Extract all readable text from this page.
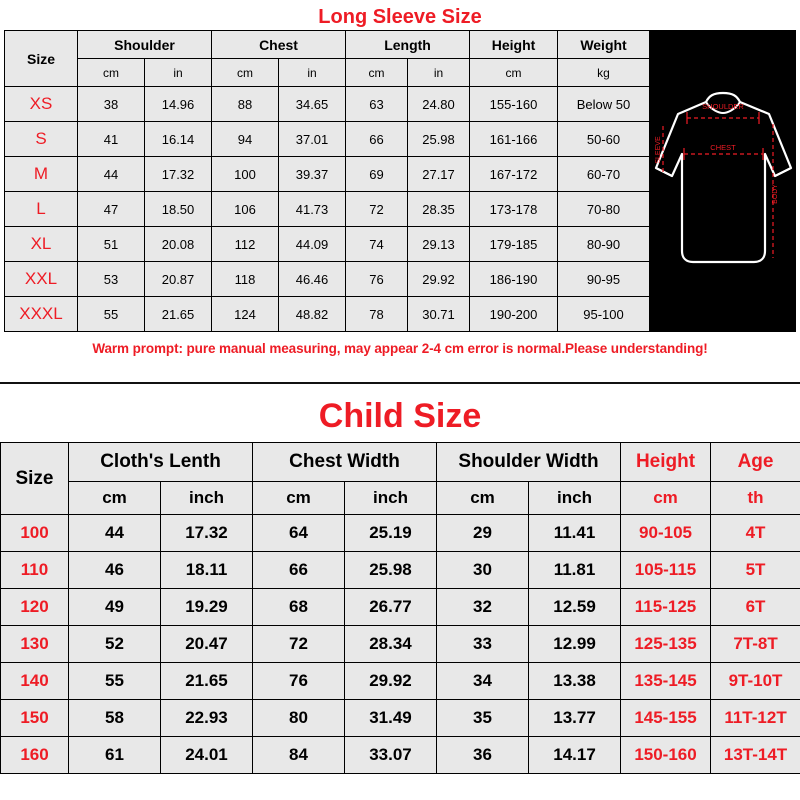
Long Sleeve Size
Size	Shoulder		Chest		Length		Height	Weight
	cm	in	cm	in	cm	in	cm	kg
XS	38	14.96	88	34.65	63	24.80	155-160	Below 50
S	41	16.14	94	37.01	66	25.98	161-166	50-60
M	44	17.32	100	39.37	69	27.17	167-172	60-70
L	47	18.50	106	41.73	72	28.35	173-178	70-80
XL	51	20.08	112	44.09	74	29.13	179-185	80-90
XXL	53	20.87	118	46.46	76	29.92	186-190	90-95
XXXL	55	21.65	124	48.82	78	30.71	190-200	95-100
SHOULDER
CHEST
SLEEVE
BODY
Warm prompt: pure manual measuring, may appear 2-4 cm error is normal.Please understanding!
Child Size
Size	Cloth's Lenth		Chest Width		Shoulder Width		Height	Age
	cm	inch	cm	inch	cm	inch	cm	th
100	44	17.32	64	25.19	29	11.41	90-105	4T
110	46	18.11	66	25.98	30	11.81	105-115	5T
120	49	19.29	68	26.77	32	12.59	115-125	6T
130	52	20.47	72	28.34	33	12.99	125-135	7T-8T
140	55	21.65	76	29.92	34	13.38	135-145	9T-10T
150	58	22.93	80	31.49	35	13.77	145-155	11T-12T
160	61	24.01	84	33.07	36	14.17	150-160	13T-14T
